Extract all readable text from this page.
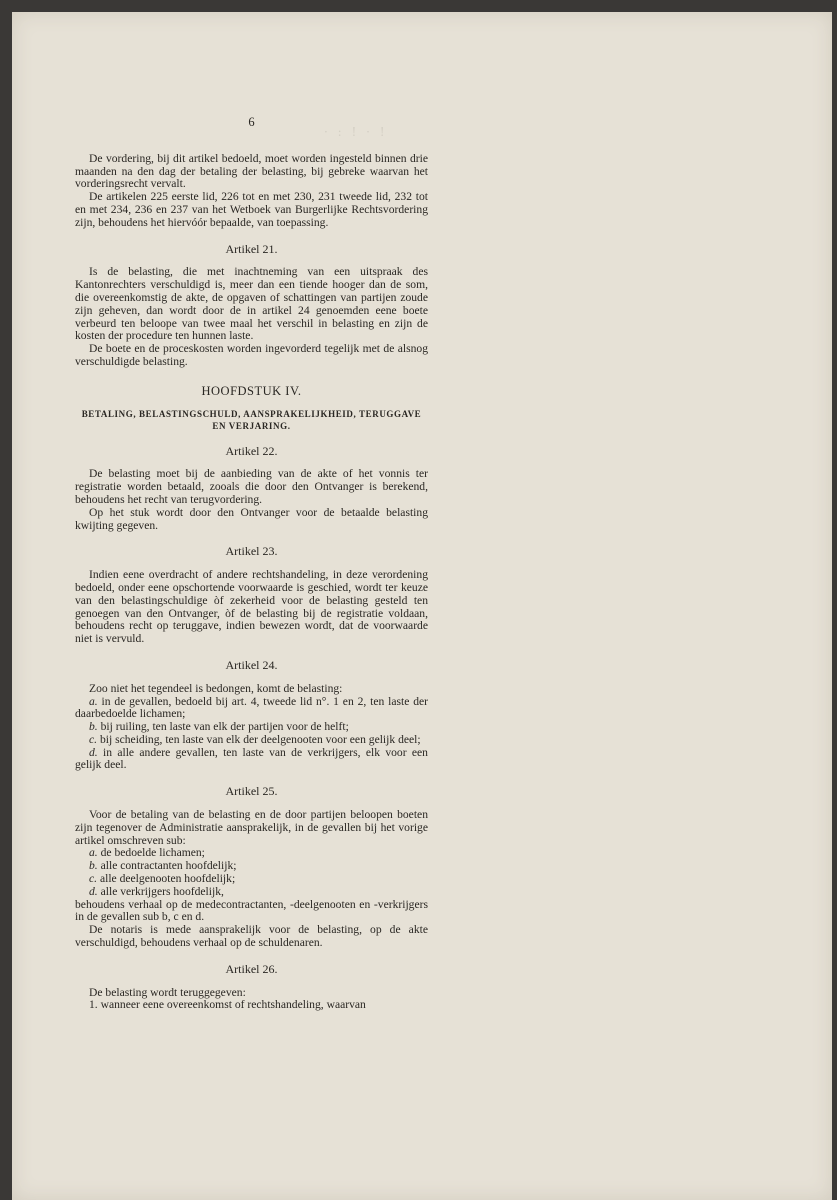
· : ! · !
6

De vordering, bij dit artikel bedoeld, moet worden ingesteld binnen drie maanden na den dag der betaling der belasting, bij gebreke waarvan het vorderingsrecht vervalt.

De artikelen 225 eerste lid, 226 tot en met 230, 231 tweede lid, 232 tot en met 234, 236 en 237 van het Wetboek van Burgerlijke Rechtsvordering zijn, behoudens het hiervóór bepaalde, van toepassing.

Artikel 21.

Is de belasting, die met inachtneming van een uitspraak des Kantonrechters verschuldigd is, meer dan een tiende hooger dan de som, die overeenkomstig de akte, de opgaven of schattingen van partijen zoude zijn geheven, dan wordt door de in artikel 24 genoemden eene boete verbeurd ten beloope van twee maal het verschil in belasting en zijn de kosten der procedure ten hunnen laste.

De boete en de proceskosten worden ingevorderd tegelijk met de alsnog verschuldigde belasting.

HOOFDSTUK IV.
BETALING, BELASTINGSCHULD, AANSPRAKELIJKHEID, TERUGGAVE EN VERJARING.
Artikel 22.

De belasting moet bij de aanbieding van de akte of het vonnis ter registratie worden betaald, zooals die door den Ontvanger is berekend, behoudens het recht van terugvordering.

Op het stuk wordt door den Ontvanger voor de betaalde belasting kwijting gegeven.

Artikel 23.

Indien eene overdracht of andere rechtshandeling, in deze verordening bedoeld, onder eene opschortende voorwaarde is geschied, wordt ter keuze van den belastingschuldige òf zekerheid voor de belasting gesteld ten genoegen van den Ontvanger, òf de belasting bij de registratie voldaan, behoudens recht op teruggave, indien bewezen wordt, dat de voorwaarde niet is vervuld.

Artikel 24.

Zoo niet het tegendeel is bedongen, komt de belasting:

a. in de gevallen, bedoeld bij art. 4, tweede lid n°. 1 en 2, ten laste der daarbedoelde lichamen;

b. bij ruiling, ten laste van elk der partijen voor de helft;

c. bij scheiding, ten laste van elk der deelgenooten voor een gelijk deel;

d. in alle andere gevallen, ten laste van de verkrijgers, elk voor een gelijk deel.

Artikel 25.

Voor de betaling van de belasting en de door partijen beloopen boeten zijn tegenover de Administratie aansprakelijk, in de gevallen bij het vorige artikel omschreven sub:

a. de bedoelde lichamen;

b. alle contractanten hoofdelijk;

c. alle deelgenooten hoofdelijk;

d. alle verkrijgers hoofdelijk,

behoudens verhaal op de medecontractanten, -deelgenooten en -verkrijgers in de gevallen sub b, c en d.

De notaris is mede aansprakelijk voor de belasting, op de akte verschuldigd, behoudens verhaal op de schuldenaren.

Artikel 26.

De belasting wordt teruggegeven:

1. wanneer eene overeenkomst of rechtshandeling, waarvan
